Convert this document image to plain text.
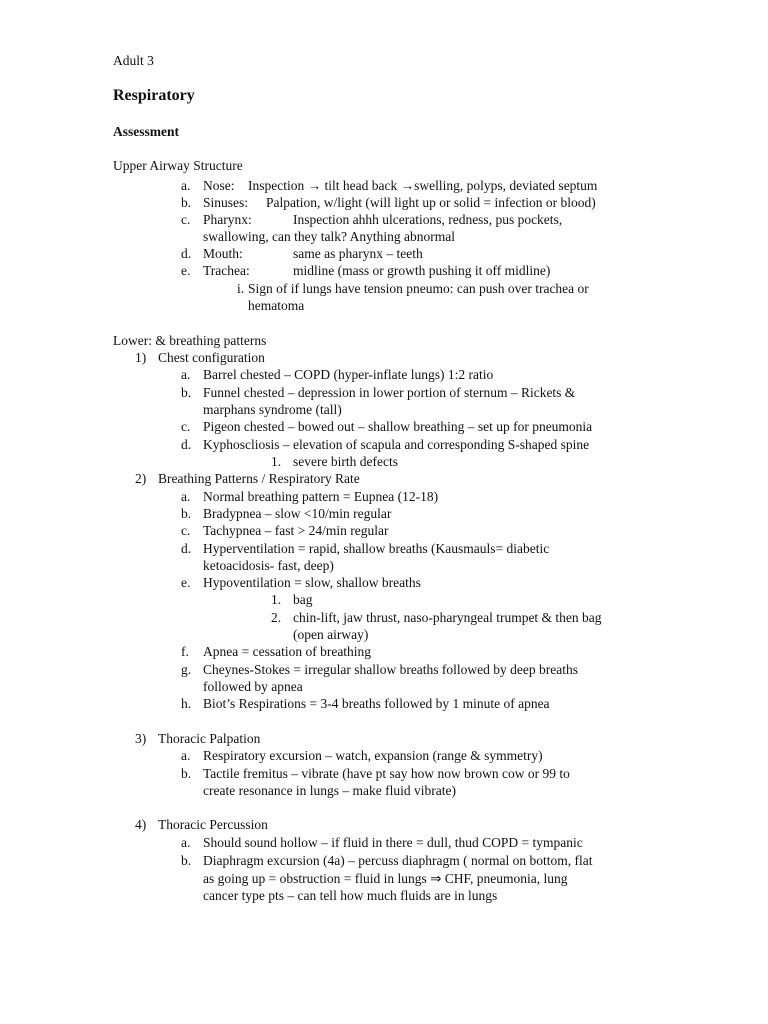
Adult 3
Respiratory
Assessment
Upper Airway Structure
a. Nose: Inspection → tilt head back →swelling, polyps, deviated septum
b. Sinuses: Palpation, w/light (will light up or solid = infection or blood)
c. Pharynx:	Inspection ahhh ulcerations, redness, pus pockets,
swallowing, can they talk? Anything abnormal
d. Mouth:	same as pharynx – teeth
e. Trachea:	midline (mass or growth pushing it off midline)
i. Sign of if lungs have tension pneumo: can push over trachea or
hematoma
Lower: & breathing patterns
1) Chest configuration
a. Barrel chested – COPD (hyper-inflate lungs) 1:2 ratio
b. Funnel chested – depression in lower portion of sternum – Rickets &
marphans syndrome (tall)
c. Pigeon chested – bowed out – shallow breathing – set up for pneumonia
d. Kyphoscliosis – elevation of scapula and corresponding S-shaped spine
1. severe birth defects
2) Breathing Patterns / Respiratory Rate
a. Normal breathing pattern = Eupnea (12-18)
b. Bradypnea – slow <10/min regular
c. Tachypnea – fast > 24/min regular
d. Hyperventilation = rapid, shallow breaths (Kausmauls= diabetic
ketoacidosis- fast, deep)
e. Hypoventilation = slow, shallow breaths
1. bag
2. chin-lift, jaw thrust, naso-pharyngeal trumpet & then bag
(open airway)
f. Apnea = cessation of breathing
g. Cheynes-Stokes = irregular shallow breaths followed by deep breaths
followed by apnea
h. Biot’s Respirations = 3-4 breaths followed by 1 minute of apnea
3) Thoracic Palpation
a. Respiratory excursion – watch, expansion (range & symmetry)
b. Tactile fremitus – vibrate (have pt say how now brown cow or 99 to
create resonance in lungs – make fluid vibrate)
4) Thoracic Percussion
a. Should sound hollow – if fluid in there = dull, thud COPD = tympanic
b. Diaphragm excursion (4a) – percuss diaphragm ( normal on bottom, flat
as going up = obstruction = fluid in lungs ⇒ CHF, pneumonia, lung
cancer type pts – can tell how much fluids are in lungs
